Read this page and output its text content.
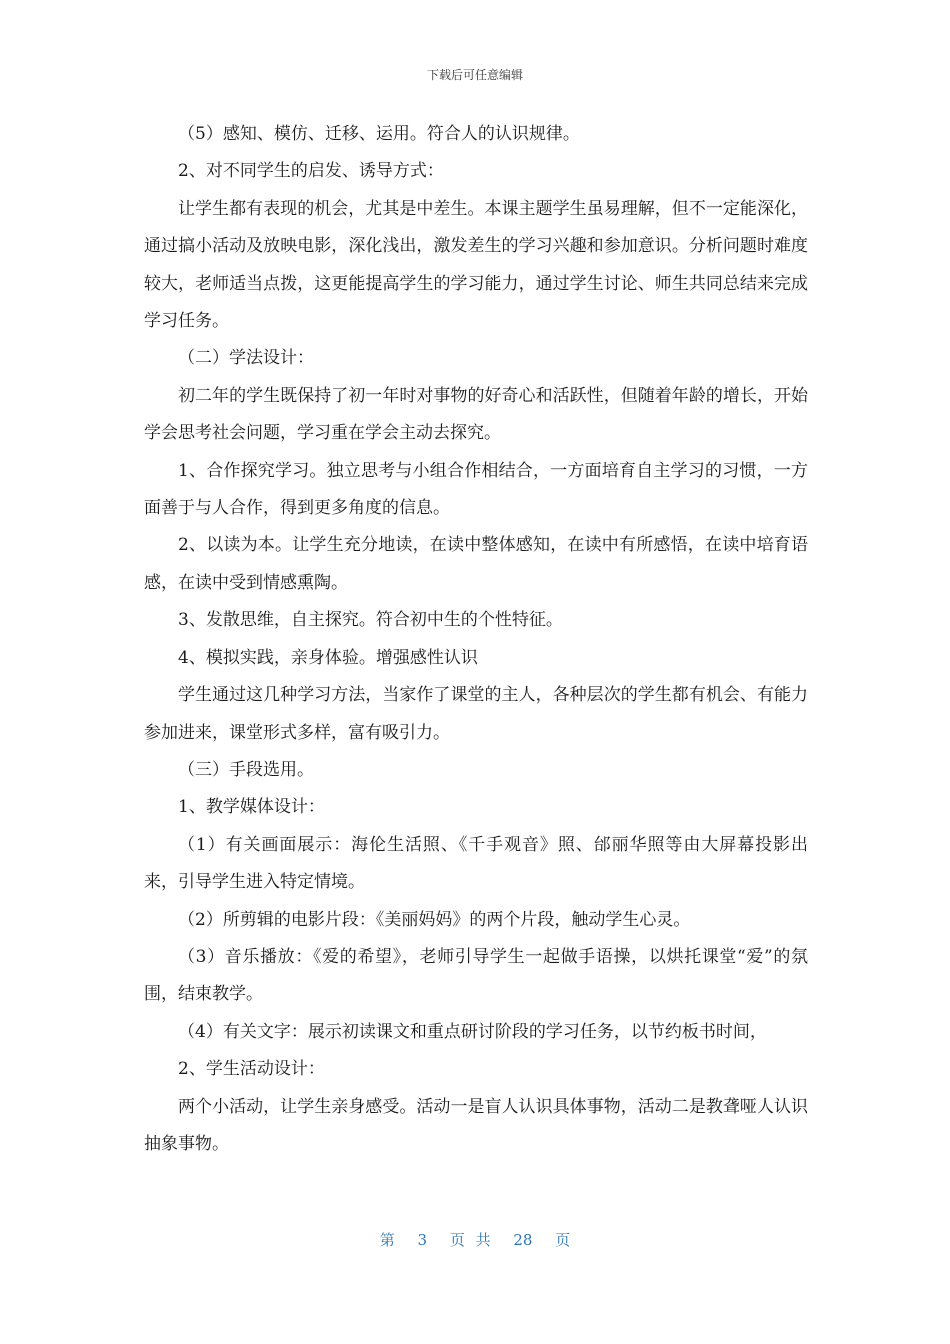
下载后可任意编辑

（5）感知、模仿、迁移、运用。符合人的认识规律。

2、对不同学生的启发、诱导方式：

让学生都有表现的机会，尤其是中差生。本课主题学生虽易理解，但不一定能深化，通过搞小活动及放映电影，深化浅出，激发差生的学习兴趣和参加意识。分析问题时难度较大，老师适当点拨，这更能提高学生的学习能力，通过学生讨论、师生共同总结来完成学习任务。

（二）学法设计：

初二年的学生既保持了初一年时对事物的好奇心和活跃性，但随着年龄的增长，开始学会思考社会问题，学习重在学会主动去探究。

1、合作探究学习。独立思考与小组合作相结合，一方面培育自主学习的习惯，一方面善于与人合作，得到更多角度的信息。

2、以读为本。让学生充分地读，在读中整体感知，在读中有所感悟，在读中培育语感，在读中受到情感熏陶。

3、发散思维，自主探究。符合初中生的个性特征。

4、模拟实践，亲身体验。增强感性认识

学生通过这几种学习方法，当家作了课堂的主人，各种层次的学生都有机会、有能力参加进来，课堂形式多样，富有吸引力。

（三）手段选用。

1、教学媒体设计：

（1）有关画面展示：海伦生活照、《千手观音》照、邰丽华照等由大屏幕投影出来，引导学生进入特定情境。

（2）所剪辑的电影片段：《美丽妈妈》的两个片段，触动学生心灵。

（3）音乐播放：《爱的希望》，老师引导学生一起做手语操，以烘托课堂“爱”的氛围，结束教学。

（4）有关文字：展示初读课文和重点研讨阶段的学习任务，以节约板书时间，

2、学生活动设计：

两个小活动，让学生亲身感受。活动一是盲人认识具体事物，活动二是教聋哑人认识抽象事物。

第 3 页 共 28 页
